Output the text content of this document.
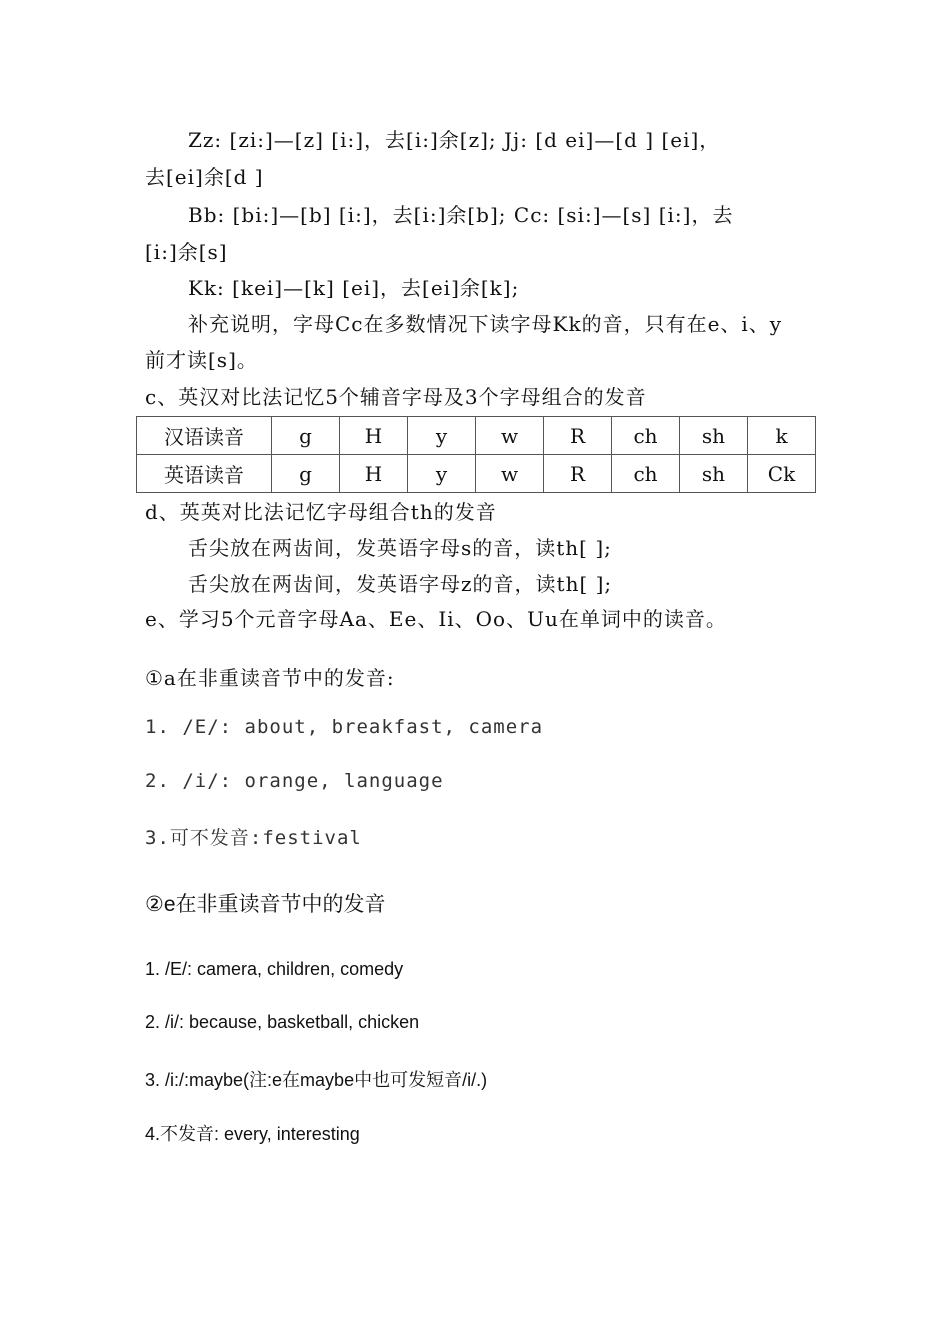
Zz: [zi:]—[z] [i:]，去[i:]余[z]; Jj: [d ei]—[d ] [ei]，
去[ei]余[d ]
Bb: [bi:]—[b] [i:]，去[i:]余[b]; Cc: [si:]—[s] [i:]，去
[i:]余[s]
Kk: [kei]—[k] [ei]，去[ei]余[k];
补充说明，字母Cc在多数情况下读字母Kk的音，只有在e、i、y
前才读[s]。
c、英汉对比法记忆5个辅音字母及3个字母组合的发音
汉语读音	g	H	y	w	R	ch	sh	k
英语读音	g	H	y	w	R	ch	sh	Ck
d、英英对比法记忆字母组合th的发音
舌尖放在两齿间，发英语字母s的音，读th[ ];
舌尖放在两齿间，发英语字母z的音，读th[ ];
e、学习5个元音字母Aa、Ee、Ii、Oo、Uu在单词中的读音。
①a在非重读音节中的发音:
1. /E/: about, breakfast, camera
2. /i/: orange, language
3.可不发音:festival
②e在非重读音节中的发音
1. /E/: camera, children, comedy
2. /i/: because, basketball, chicken
3. /i:/:maybe(注:e在maybe中也可发短音/i/.)
4.不发音: every, interesting
